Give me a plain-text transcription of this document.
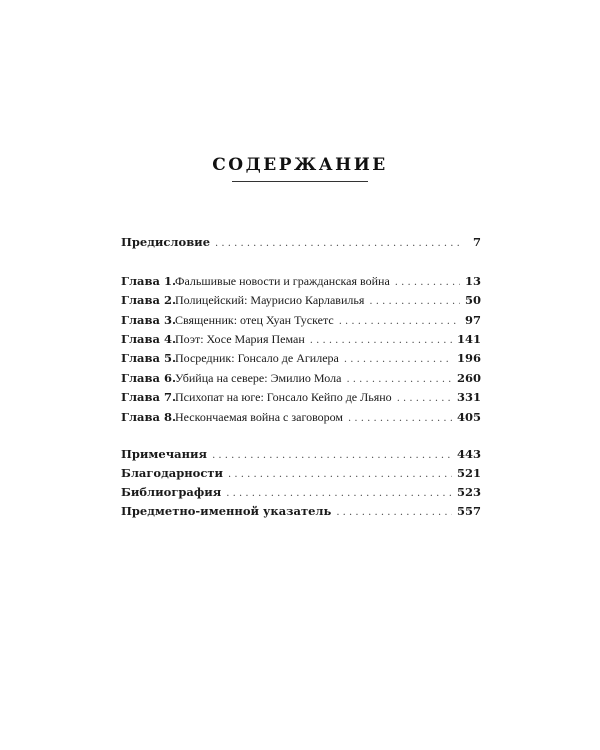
СОДЕРЖАНИЕ
Предисловие . . .	7
Глава 1. Фальшивые новости и гражданская война . . .	13
Глава 2. Полицейский: Маурисио Карлавилья . . .	50
Глава 3. Священник: отец Хуан Тускетс . . .	97
Глава 4. Поэт: Хосе Мария Пеман . . .	141
Глава 5. Посредник: Гонсало де Агилера . . .	196
Глава 6. Убийца на севере: Эмилио Мола . . .	260
Глава 7. Психопат на юге: Гонсало Кейпо де Льяно . . .	331
Глава 8. Нескончаемая война с заговором . . .	405
Примечания . . .	443
Благодарности . . .	521
Библиография . . .	523
Предметно-именной указатель . . .	557
